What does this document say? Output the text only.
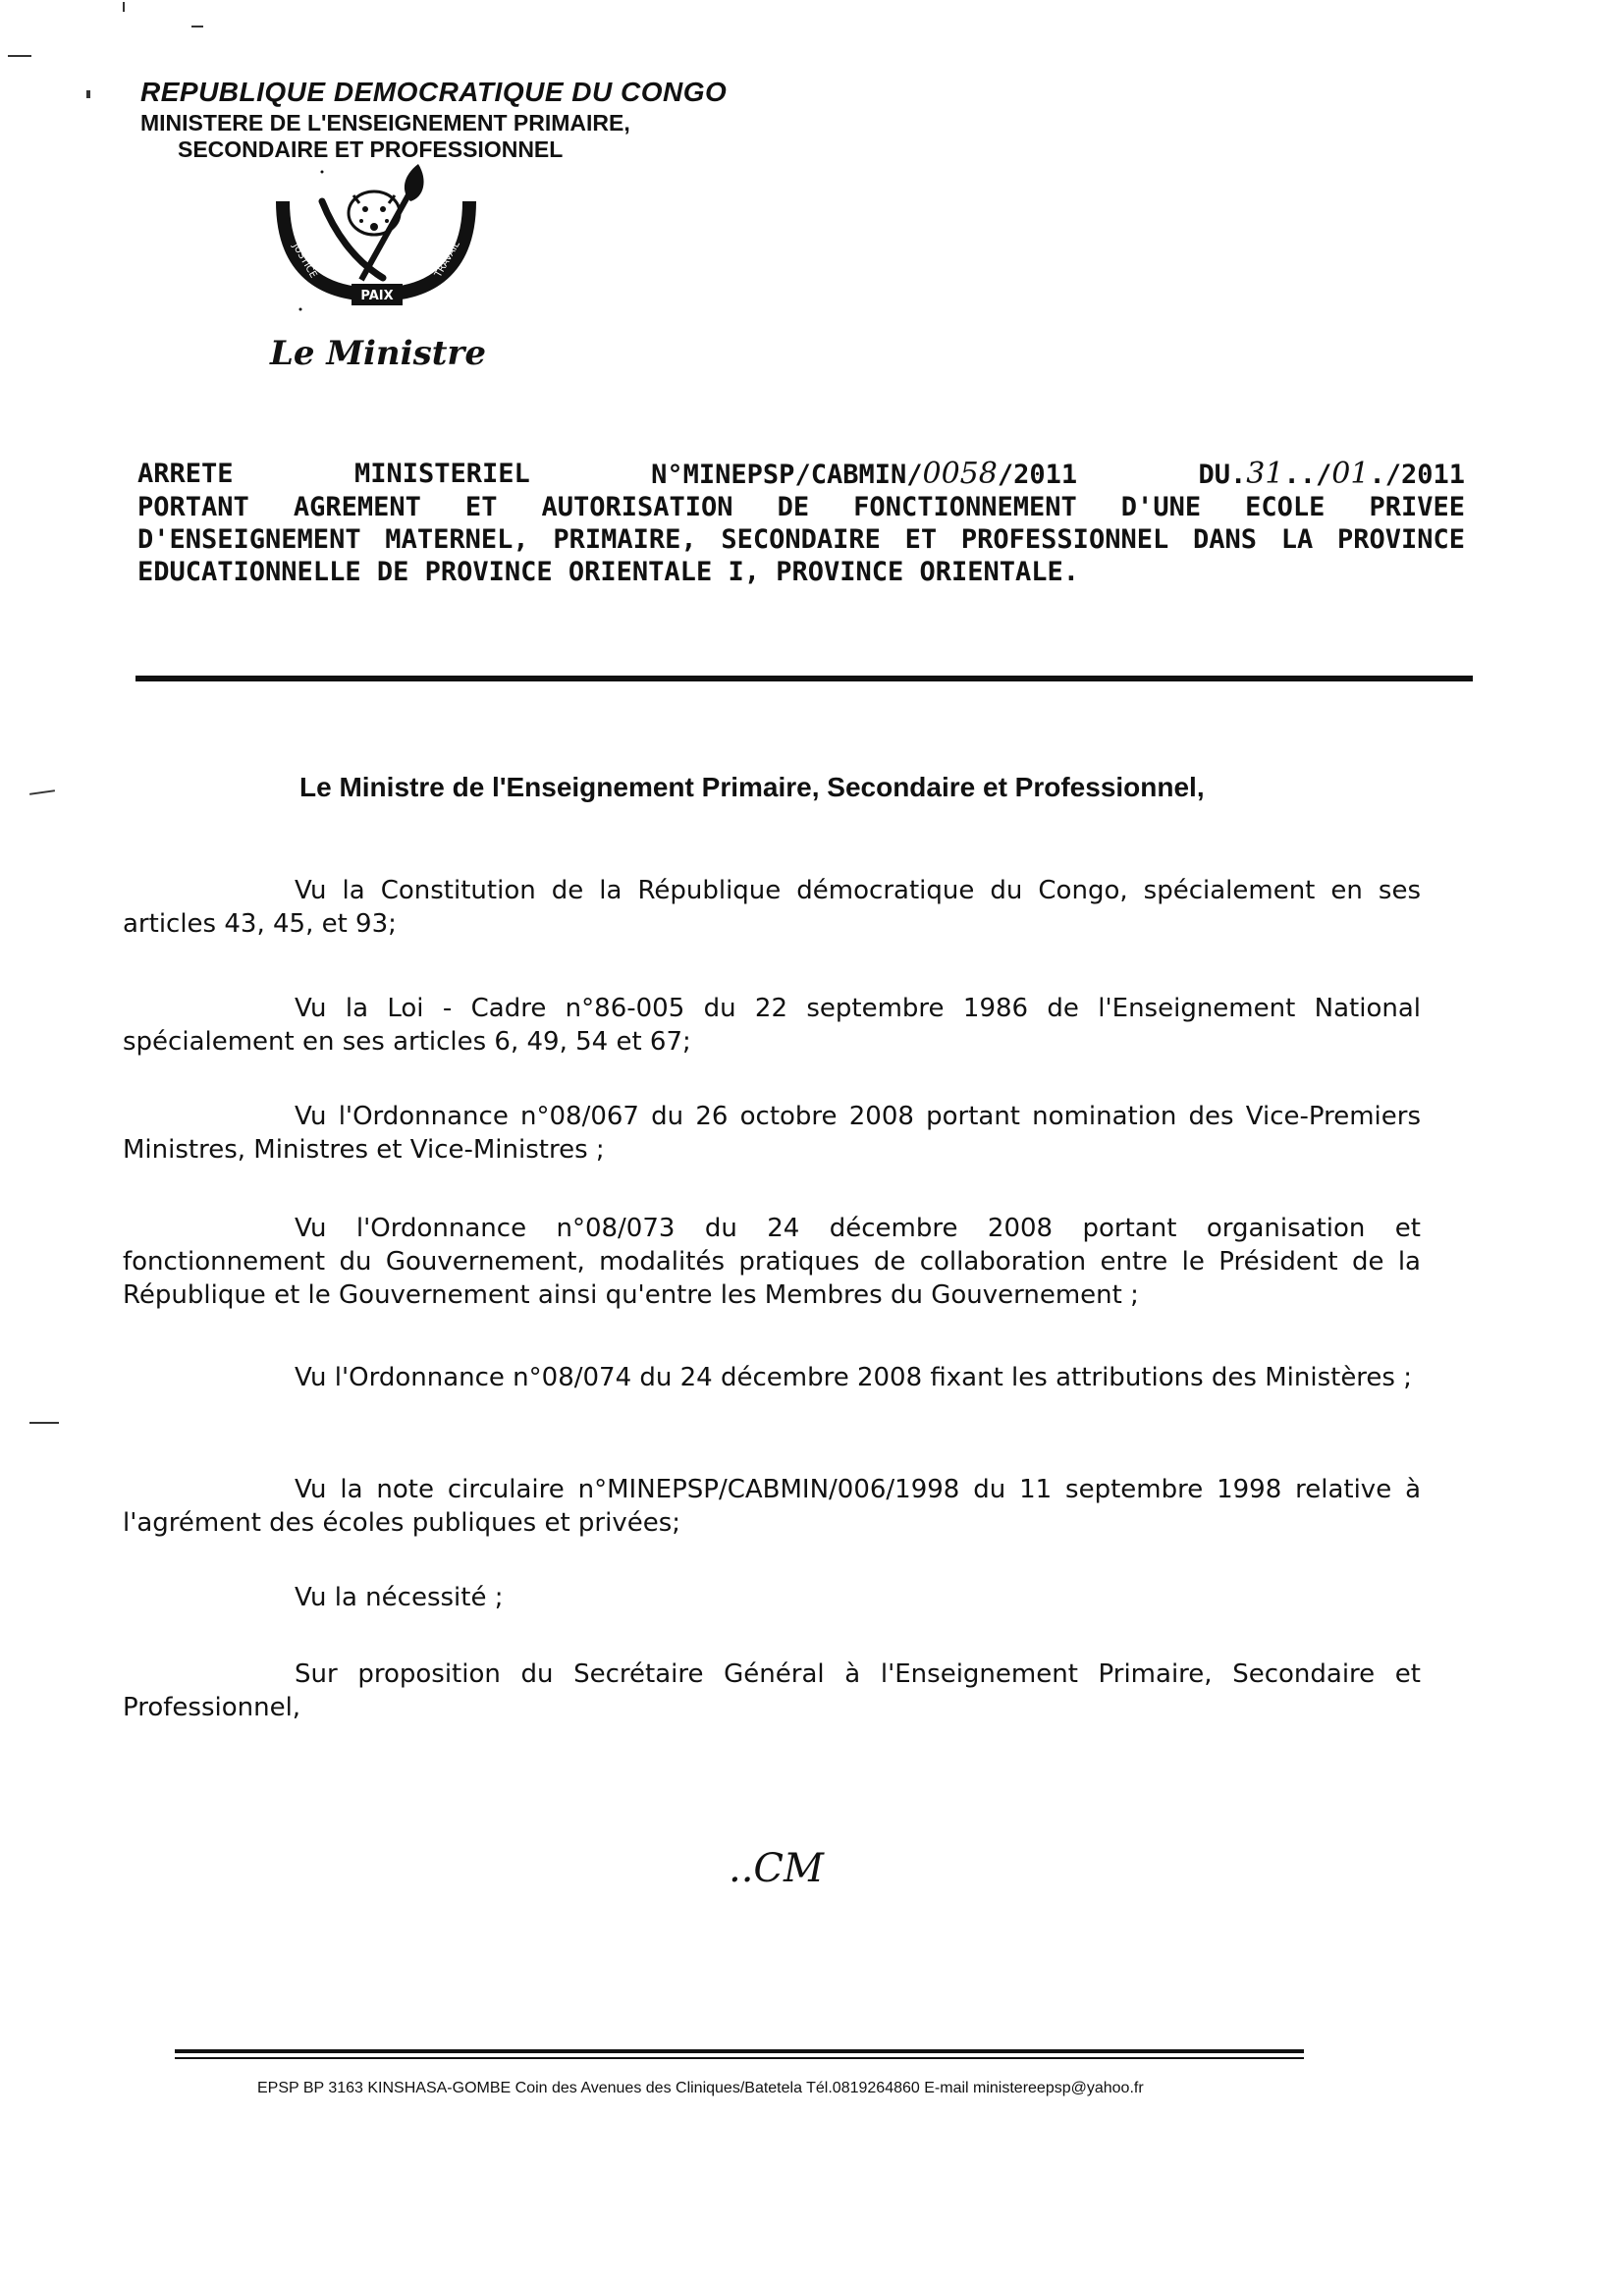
REPUBLIQUE DEMOCRATIQUE DU CONGO
MINISTERE DE L'ENSEIGNEMENT PRIMAIRE,
SECONDAIRE ET PROFESSIONNEL
PAIX
JUSTICE	TRAVAIL
Le Ministre
ARRETE	MINISTERIEL	N°MINEPSP/CABMIN/0058/2011	DU.31../01./2011
PORTANT AGREMENT ET AUTORISATION DE FONCTIONNEMENT D'UNE ECOLE PRIVEE D'ENSEIGNEMENT MATERNEL, PRIMAIRE, SECONDAIRE ET PROFESSIONNEL DANS LA PROVINCE EDUCATIONNELLE DE PROVINCE ORIENTALE I, PROVINCE ORIENTALE.
Le Ministre de l'Enseignement Primaire, Secondaire et Professionnel,
Vu la Constitution de la République démocratique du Congo, spécialement en ses articles 43, 45, et 93;
Vu la Loi - Cadre n°86-005 du 22 septembre 1986 de l'Enseignement National spécialement en ses articles 6, 49, 54 et 67;
Vu l'Ordonnance n°08/067 du 26 octobre 2008 portant nomination des Vice-Premiers Ministres, Ministres et Vice-Ministres ;
Vu l'Ordonnance n°08/073 du 24 décembre 2008 portant organisation et fonctionnement du Gouvernement, modalités pratiques de collaboration entre le Président de la République et le Gouvernement ainsi qu'entre les Membres du Gouvernement ;
Vu l'Ordonnance n°08/074 du 24 décembre 2008 fixant les attributions des Ministères ;
Vu la note circulaire n°MINEPSP/CABMIN/006/1998 du 11 septembre 1998 relative à l'agrément des écoles publiques et privées;
Vu la nécessité ;
Sur proposition du Secrétaire Général à l'Enseignement Primaire, Secondaire et Professionnel,
..CM
EPSP BP 3163 KINSHASA-GOMBE Coin des Avenues des Cliniques/Batetela Tél.0819264860 E-mail ministereepsp@yahoo.fr
